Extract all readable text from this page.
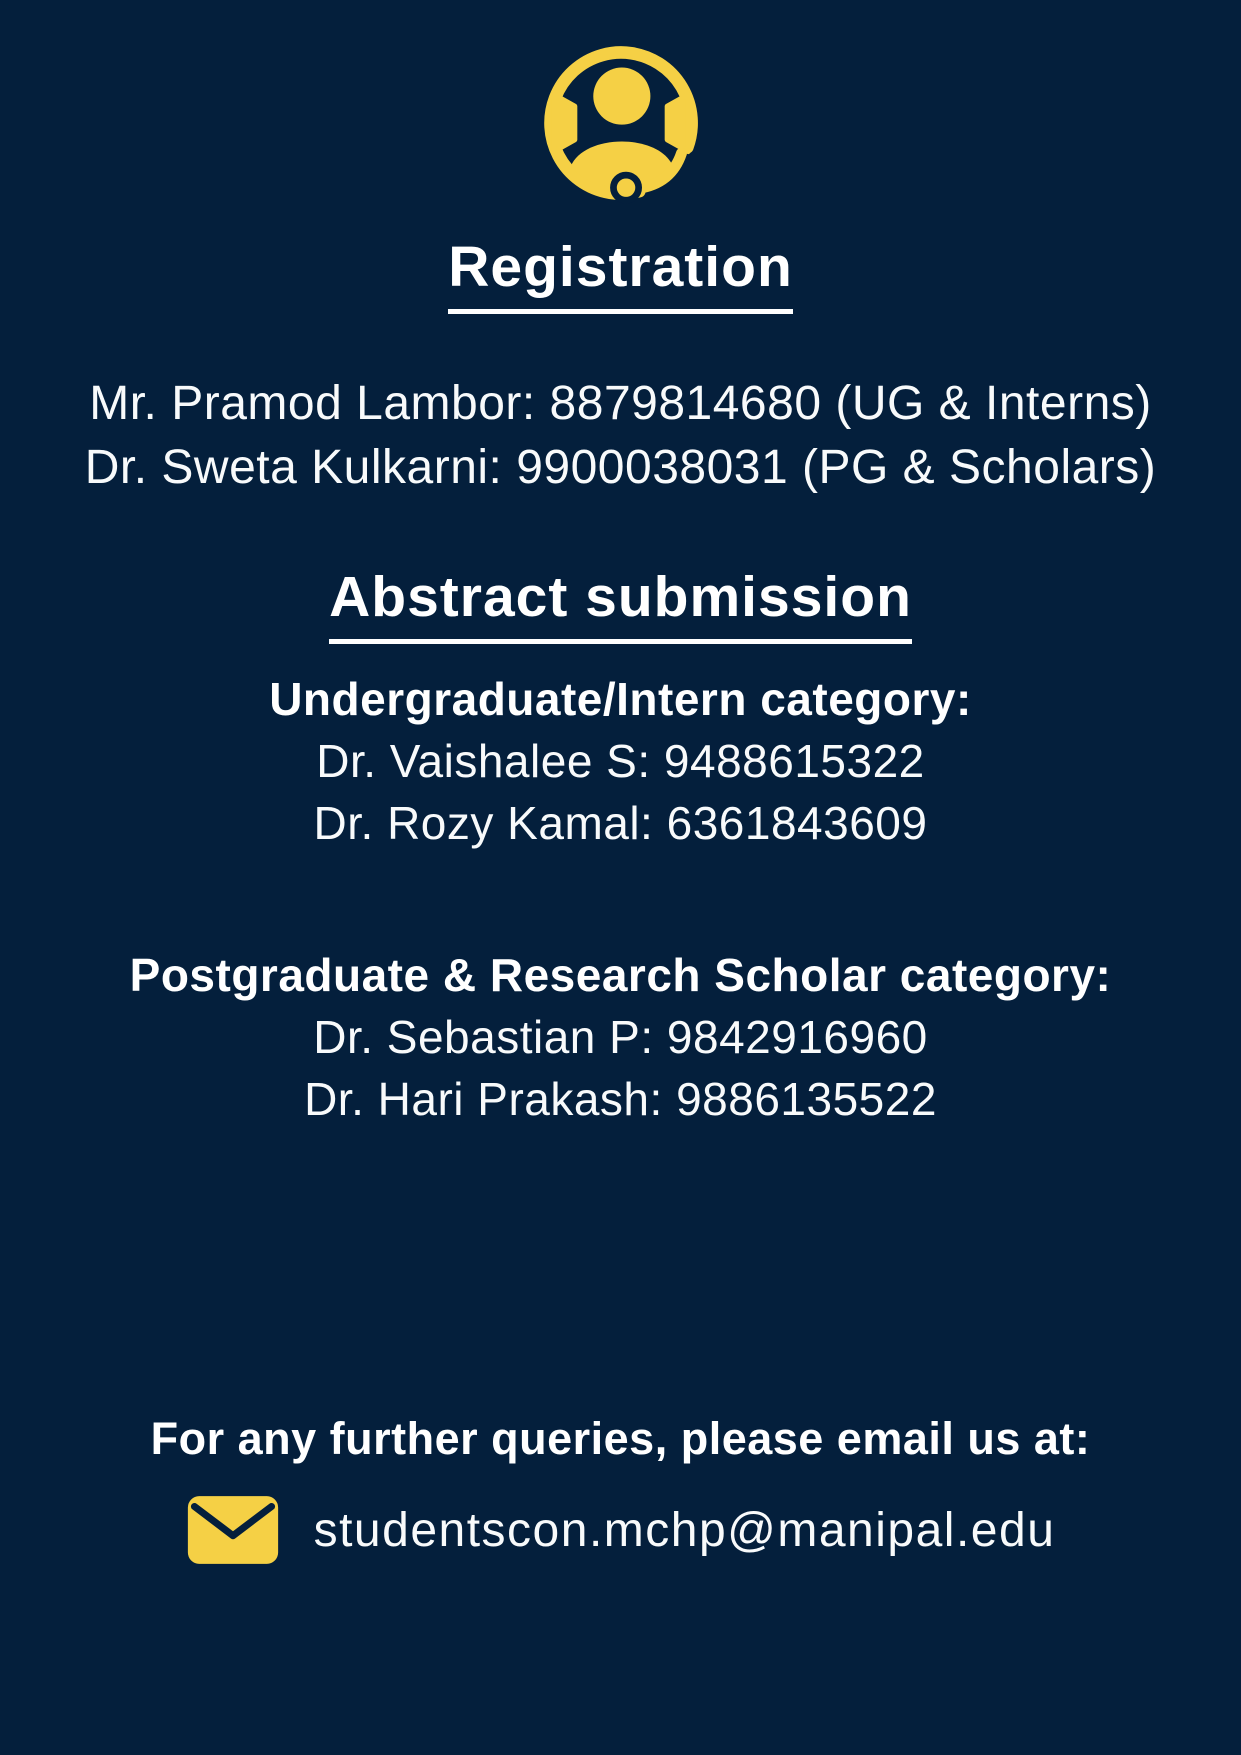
Registration
Mr. Pramod Lambor: 8879814680 (UG & Interns)
Dr. Sweta Kulkarni: 9900038031 (PG & Scholars)
Abstract submission
Undergraduate/Intern category:
Dr. Vaishalee S: 9488615322
Dr. Rozy Kamal: 6361843609
Postgraduate & Research Scholar category:
Dr. Sebastian P: 9842916960
Dr. Hari Prakash: 9886135522
For any further queries, please email us at:
studentscon.mchp@manipal.edu
